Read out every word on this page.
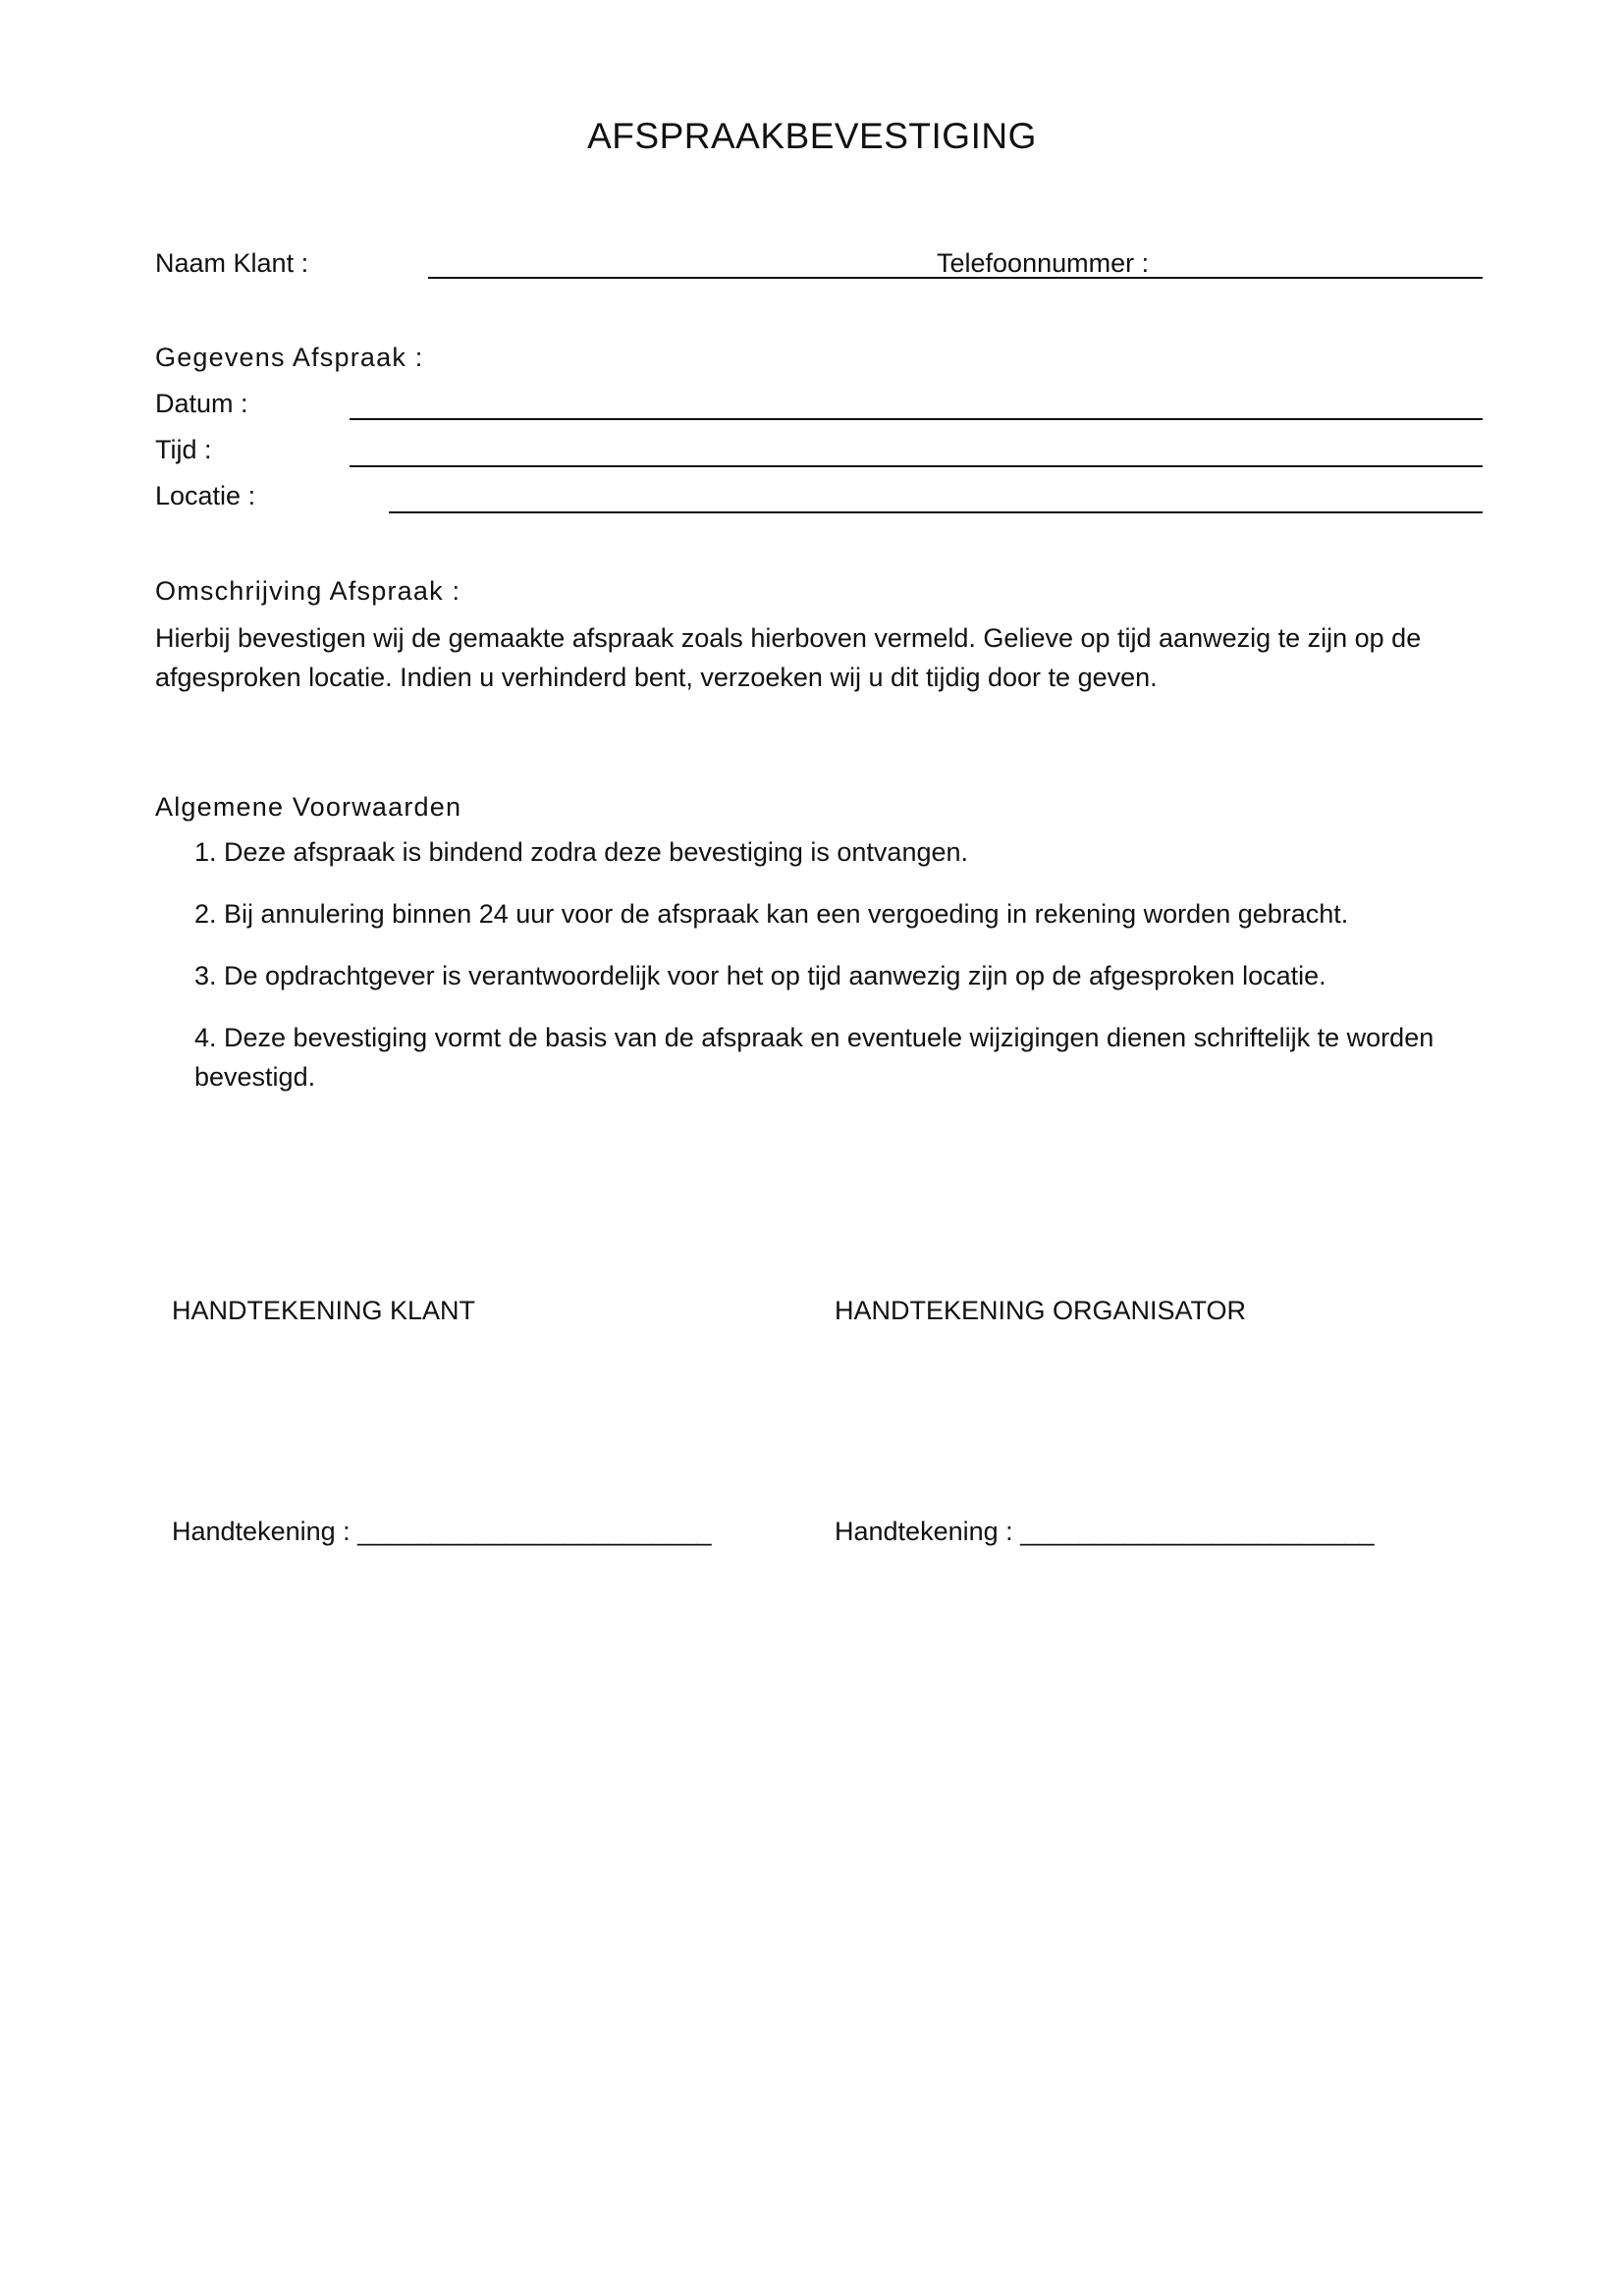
AFSPRAAKBEVESTIGING
Naam Klant :	Telefoonnummer :
Gegevens Afspraak :
Datum :
Tijd :
Locatie :
Omschrijving Afspraak :
Hierbij bevestigen wij de gemaakte afspraak zoals hierboven vermeld. Gelieve op tijd aanwezig te zijn op de afgesproken locatie. Indien u verhinderd bent, verzoeken wij u dit tijdig door te geven.
Algemene Voorwaarden
1. Deze afspraak is bindend zodra deze bevestiging is ontvangen.
2. Bij annulering binnen 24 uur voor de afspraak kan een vergoeding in rekening worden gebracht.
3. De opdrachtgever is verantwoordelijk voor het op tijd aanwezig zijn op de afgesproken locatie.
4. Deze bevestiging vormt de basis van de afspraak en eventuele wijzigingen dienen schriftelijk te worden bevestigd.
HANDTEKENING KLANT	HANDTEKENING ORGANISATOR
Handtekening : ________________________	Handtekening : ________________________
